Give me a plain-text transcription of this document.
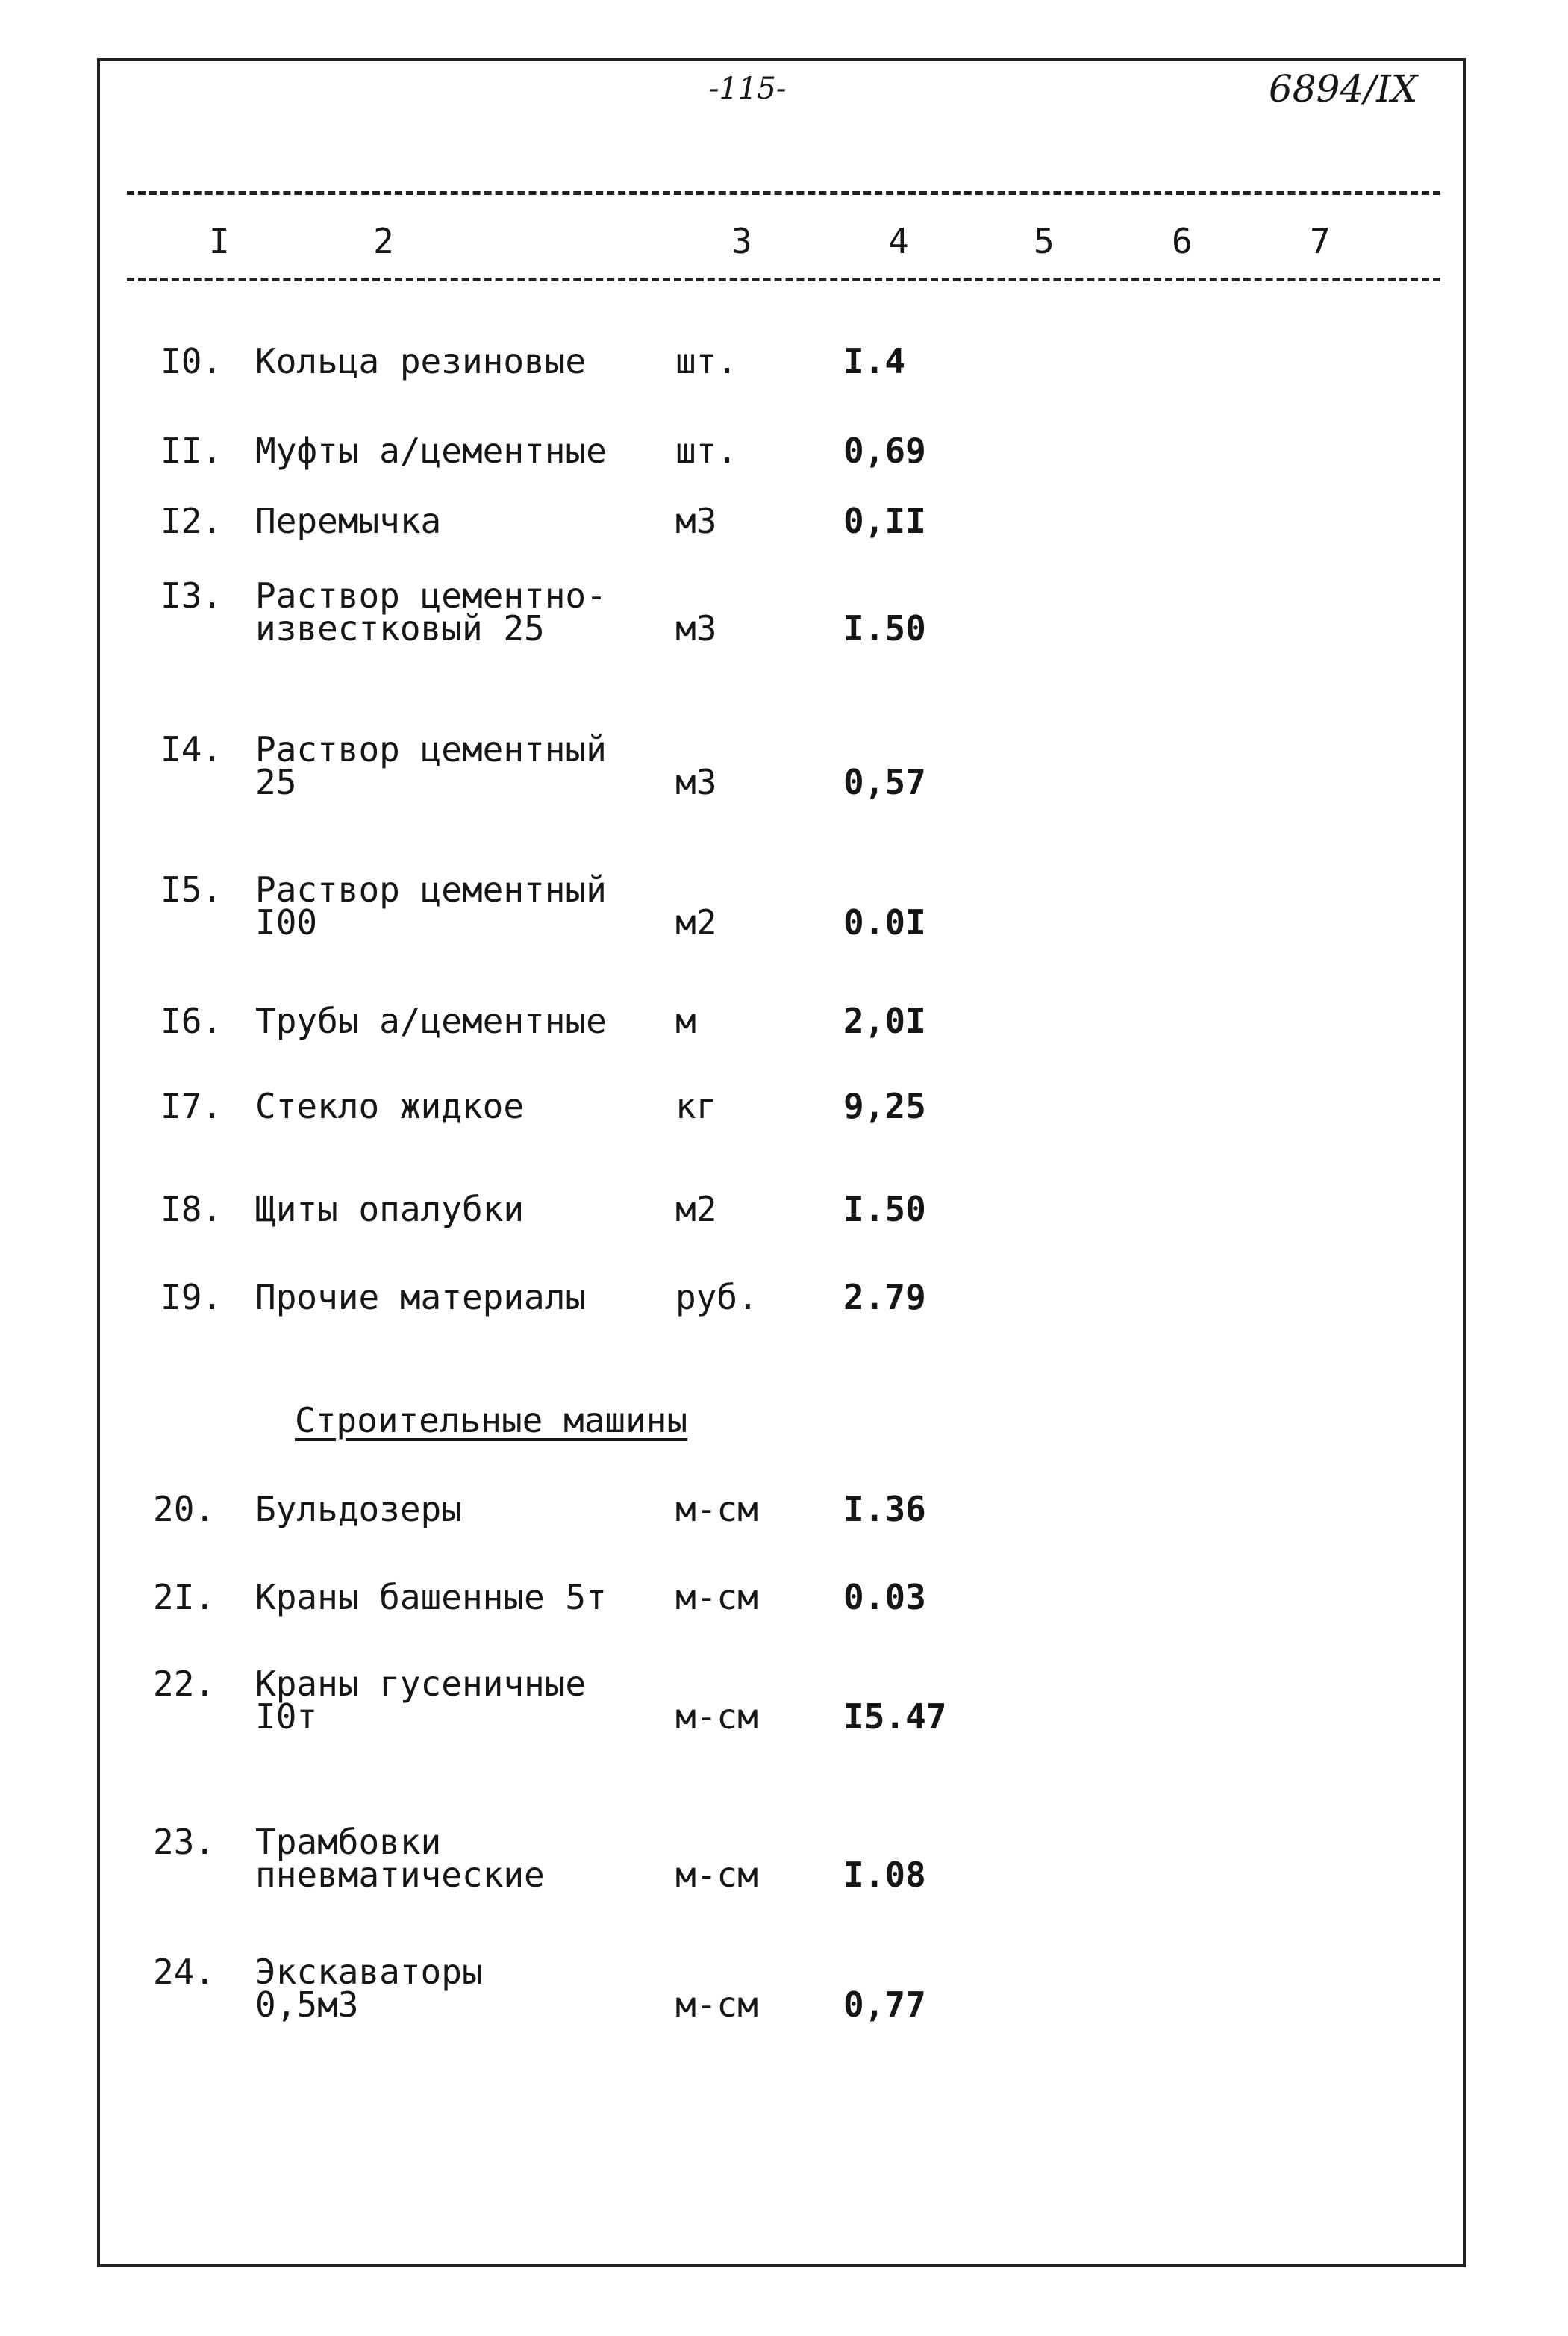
-115-	6894/IX
I	2	3	4	5	6	7
I0. Кольца резиновые	шт.	I.4
II. Муфты а/цементные	шт.	0,69
I2. Перемычка	м3	0,II
I3. Раствор цементно-известковый 25	м3	I.50
I4. Раствор цементный 25	м3	0,57
I5. Раствор цементный I00	м2	0.0I
I6. Трубы а/цементные	м	2,0I
I7. Стекло жидкое	кг	9,25
I8. Щиты опалубки	м2	I.50
I9. Прочие материалы	руб. 2.79
Строительные машины
20. Бульдозеры	м-см I.36
2I. Краны башенные 5т	м-см 0.03
22. Краны гусеничные I0т	м-см I5.47
23. Трамбовки пневматические	м-см I.08
24. Экскаваторы 0,5м3	м-см 0,77
